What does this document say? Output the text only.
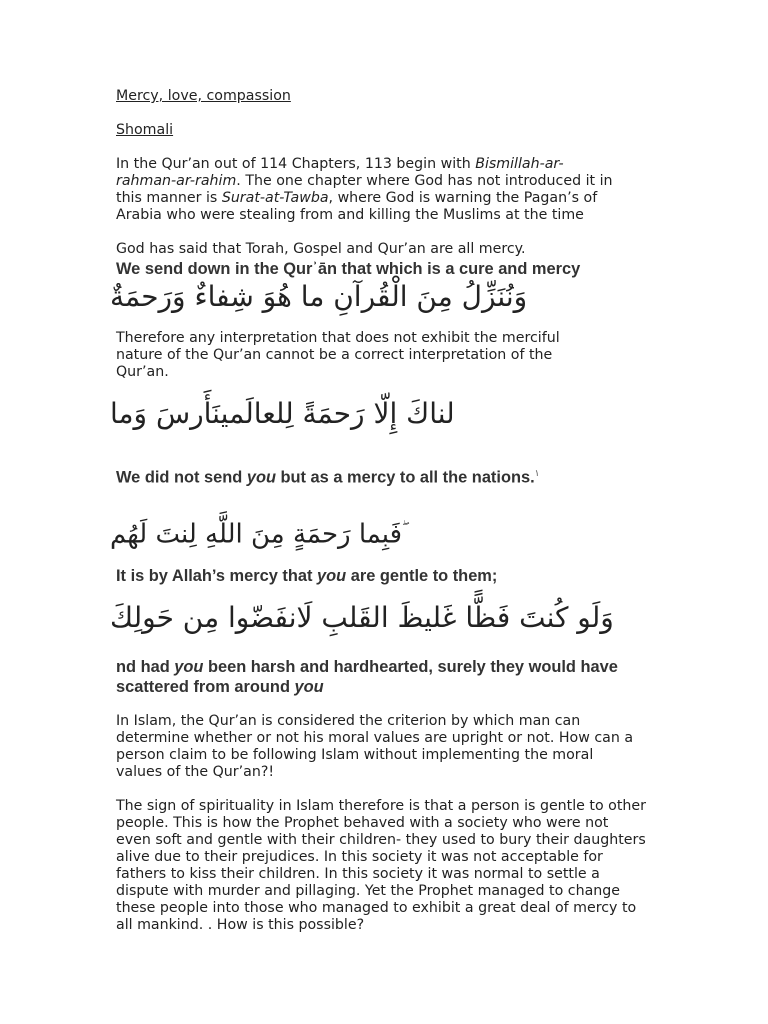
Mercy, love, compassion
Shomali
In the Qur’an out of 114 Chapters, 113 begin with Bismillah-ar-rahman-ar-rahim. The one chapter where God has not introduced it in this manner is Surat-at-Tawba, where God is warning the Pagan’s of Arabia who were stealing from and killing the Muslims at the time
God has said that Torah, Gospel and Qur’an are all mercy.
We send down in the Qurʾān that which is a cure and mercy
وَنُنَزِّلُ مِنَ الْقُرآنِ ما هُوَ شِفاءٌ وَرَحمَةٌ
Therefore any interpretation that does not exhibit the merciful nature of the Qur’an cannot be a correct interpretation of the Qur’an.
لناكَ إِلّا رَحمَةً لِلعالَمينَأَرسَ وَما
We did not send you but as a mercy to all the nations.$^۱$
فَبِما رَحمَةٍ مِنَ اللَّهِ لِنتَ لَهُم
It is by Allah’s mercy that you are gentle to them;
وَلَو كُنتَ فَظًّا غَليظَ القَلبِ لَانفَضّوا مِن حَولِكَ
nd had you been harsh and hardhearted, surely they would have scattered from around you
In Islam, the Qur’an is considered the criterion by which man can determine whether or not his moral values are upright or not. How can a person claim to be following Islam without implementing the moral values of the Qur’an?!
The sign of spirituality in Islam therefore is that a person is gentle to other people. This is how the Prophet behaved with a society who were not even soft and gentle with their children- they used to bury their daughters alive due to their prejudices. In this society it was not acceptable for fathers to kiss their children. In this society it was normal to settle a dispute with murder and pillaging. Yet the Prophet managed to change these people into those who managed to exhibit a great deal of mercy to all mankind. . How is this possible?
